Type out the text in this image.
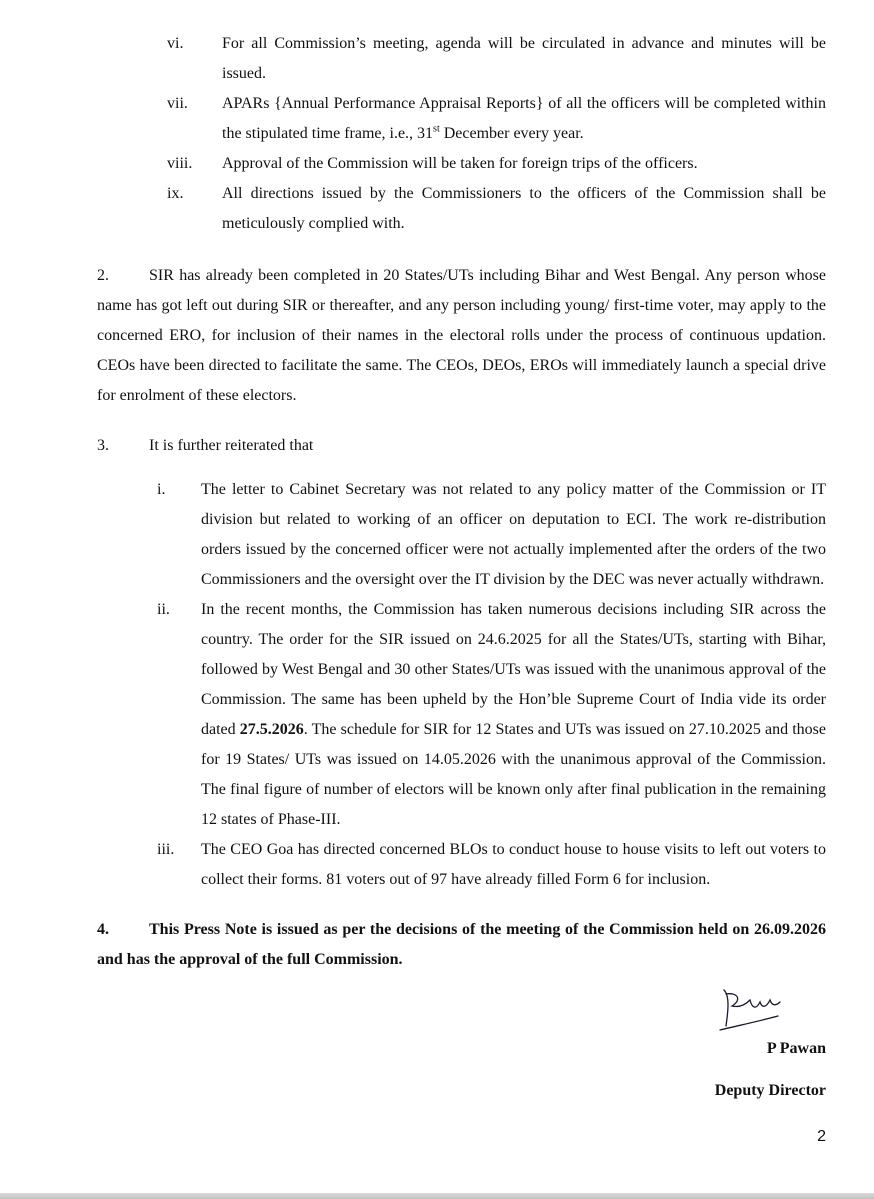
vi.	For all Commission’s meeting, agenda will be circulated in advance and minutes will be issued.
vii.	APARs {Annual Performance Appraisal Reports} of all the officers will be completed within the stipulated time frame, i.e., 31st December every year.
viii.	Approval of the Commission will be taken for foreign trips of the officers.
ix.	All directions issued by the Commissioners to the officers of the Commission shall be meticulously complied with.
2.	SIR has already been completed in 20 States/UTs including Bihar and West Bengal. Any person whose name has got left out during SIR or thereafter, and any person including young/ first-time voter, may apply to the concerned ERO, for inclusion of their names in the electoral rolls under the process of continuous updation. CEOs have been directed to facilitate the same. The CEOs, DEOs, EROs will immediately launch a special drive for enrolment of these electors.
3.	It is further reiterated that
i.	The letter to Cabinet Secretary was not related to any policy matter of the Commission or IT division but related to working of an officer on deputation to ECI. The work re-distribution orders issued by the concerned officer were not actually implemented after the orders of the two Commissioners and the oversight over the IT division by the DEC was never actually withdrawn.
ii.	In the recent months, the Commission has taken numerous decisions including SIR across the country. The order for the SIR issued on 24.6.2025 for all the States/UTs, starting with Bihar, followed by West Bengal and 30 other States/UTs was issued with the unanimous approval of the Commission. The same has been upheld by the Hon’ble Supreme Court of India vide its order dated 27.5.2026. The schedule for SIR for 12 States and UTs was issued on 27.10.2025 and those for 19 States/ UTs was issued on 14.05.2026 with the unanimous approval of the Commission. The final figure of number of electors will be known only after final publication in the remaining 12 states of Phase-III.
iii.	The CEO Goa has directed concerned BLOs to conduct house to house visits to left out voters to collect their forms. 81 voters out of 97 have already filled Form 6 for inclusion.
4.	This Press Note is issued as per the decisions of the meeting of the Commission held on 26.09.2026 and has the approval of the full Commission.
P Pawan
Deputy Director
2
